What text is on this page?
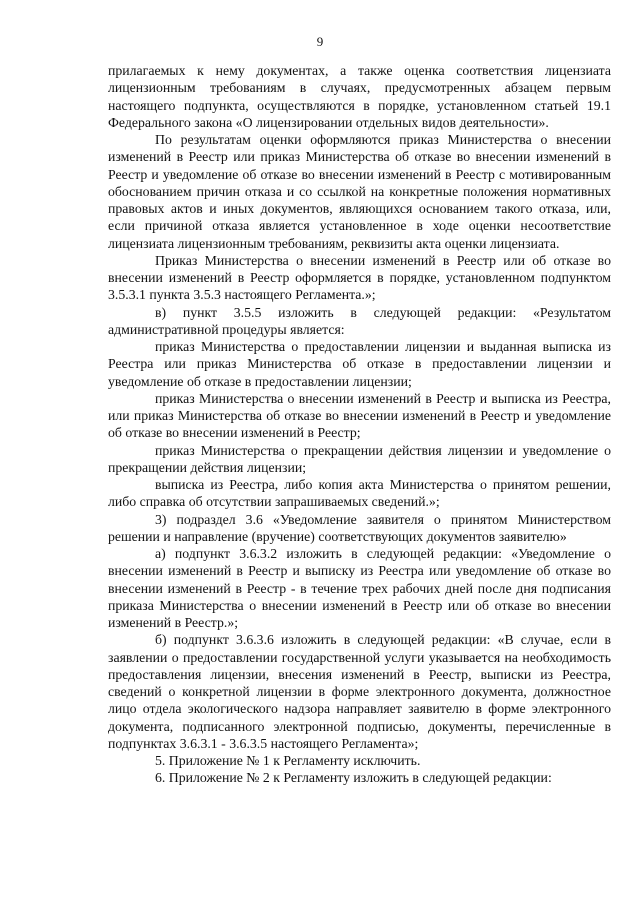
9

прилагаемых к нему документах, а также оценка соответствия лицензиата лицензионным требованиям в случаях, предусмотренных абзацем первым настоящего подпункта, осуществляются в порядке, установленном статьей 19.1 Федерального закона «О лицензировании отдельных видов деятельности».

По результатам оценки оформляются приказ Министерства о внесении изменений в Реестр или приказ Министерства об отказе во внесении изменений в Реестр и уведомление об отказе во внесении изменений в Реестр с мотивированным обоснованием причин отказа и со ссылкой на конкретные положения нормативных правовых актов и иных документов, являющихся основанием такого отказа, или, если причиной отказа является установленное в ходе оценки несоответствие лицензиата лицензионным требованиям, реквизиты акта оценки лицензиата.

Приказ Министерства о внесении изменений в Реестр или об отказе во внесении изменений в Реестр оформляется в порядке, установленном подпунктом 3.5.3.1 пункта 3.5.3 настоящего Регламента.»;

в) пункт 3.5.5 изложить в следующей редакции: «Результатом административной процедуры является:

приказ Министерства о предоставлении лицензии и выданная выписка из Реестра или приказ Министерства об отказе в предоставлении лицензии и уведомление об отказе в предоставлении лицензии;

приказ Министерства о внесении изменений в Реестр и выписка из Реестра, или приказ Министерства об отказе во внесении изменений в Реестр и уведомление об отказе во внесении изменений в Реестр;

приказ Министерства о прекращении действия лицензии и уведомление о прекращении действия лицензии;

выписка из Реестра, либо копия акта Министерства о принятом решении, либо справка об отсутствии запрашиваемых сведений.»;

3) подраздел 3.6 «Уведомление заявителя о принятом Министерством решении и направление (вручение) соответствующих документов заявителю»

а) подпункт 3.6.3.2 изложить в следующей редакции: «Уведомление о внесении изменений в Реестр и выписку из Реестра или уведомление об отказе во внесении изменений в Реестр - в течение трех рабочих дней после дня подписания приказа Министерства о внесении изменений в Реестр или об отказе во внесении изменений в Реестр.»;

б) подпункт 3.6.3.6 изложить в следующей редакции: «В случае, если в заявлении о предоставлении государственной услуги указывается на необходимость предоставления лицензии, внесения изменений в Реестр, выписки из Реестра, сведений о конкретной лицензии в форме электронного документа, должностное лицо отдела экологического надзора направляет заявителю в форме электронного документа, подписанного электронной подписью, документы, перечисленные в подпунктах 3.6.3.1 - 3.6.3.5 настоящего Регламента»;

5. Приложение № 1 к Регламенту исключить.

6. Приложение № 2 к Регламенту изложить в следующей редакции:
